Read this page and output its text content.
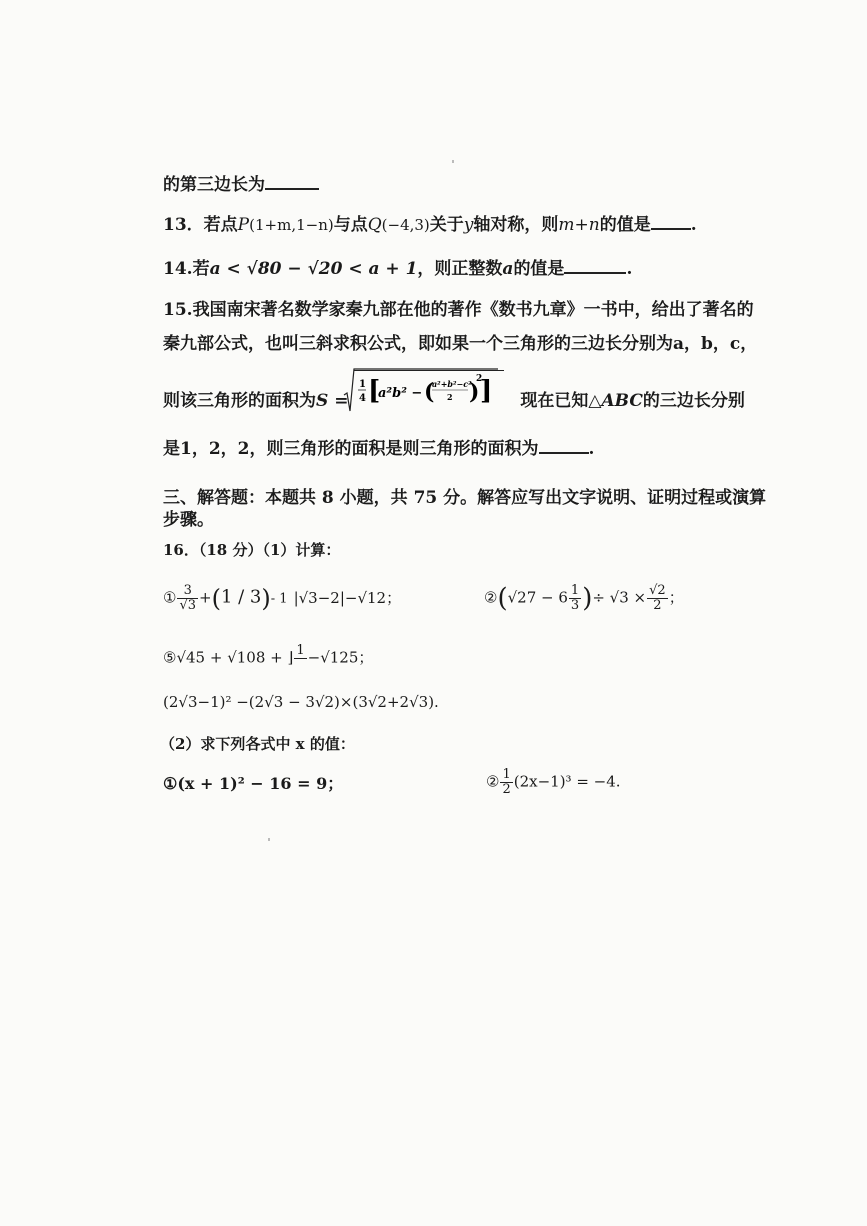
的第三边长为
13．若点P(1+m,1−n)与点Q(−4,3)关于y轴对称，则m+n的值是 .
14.若a < √80 − √20 < a + 1，则正整数a的值是	.
15.我国南宋著名数学家秦九部在他的著作《数书九章》一书中，给出了著名的
秦九部公式，也叫三斜求积公式，即如果一个三角形的三边长分别为a，b，c，
则该三角形的面积为S =
1
4 [
a²b² − (
a²+b²−c²
2 )
2
] 现在已知△ABC的三边长分别
是1，2，2，则三角形的面积是则三角形的面积为	.
三、解答题：本题共 8 小题，共 75 分。解答应写出文字说明、证明过程或演算
步骤。
16．（18 分）（1）计算：
① $\frac{3}{√3} +(1 / 3)-$ 1 |√3−2|−√12；	②(√27 − $6 \frac{1}{3}$ )÷ $√3 \times \frac{√2}{2}$ ；
⑤√45 + √108 + ⌋ 1
−√125；
(2√3−1)² −(2√3 − 3√2)×(3√2+2√3).
（2）求下列各式中 x 的值：
①(x + 1)² − 16 = 9；	② $\frac{1}{2} (2x-1)^3 = -4$.
